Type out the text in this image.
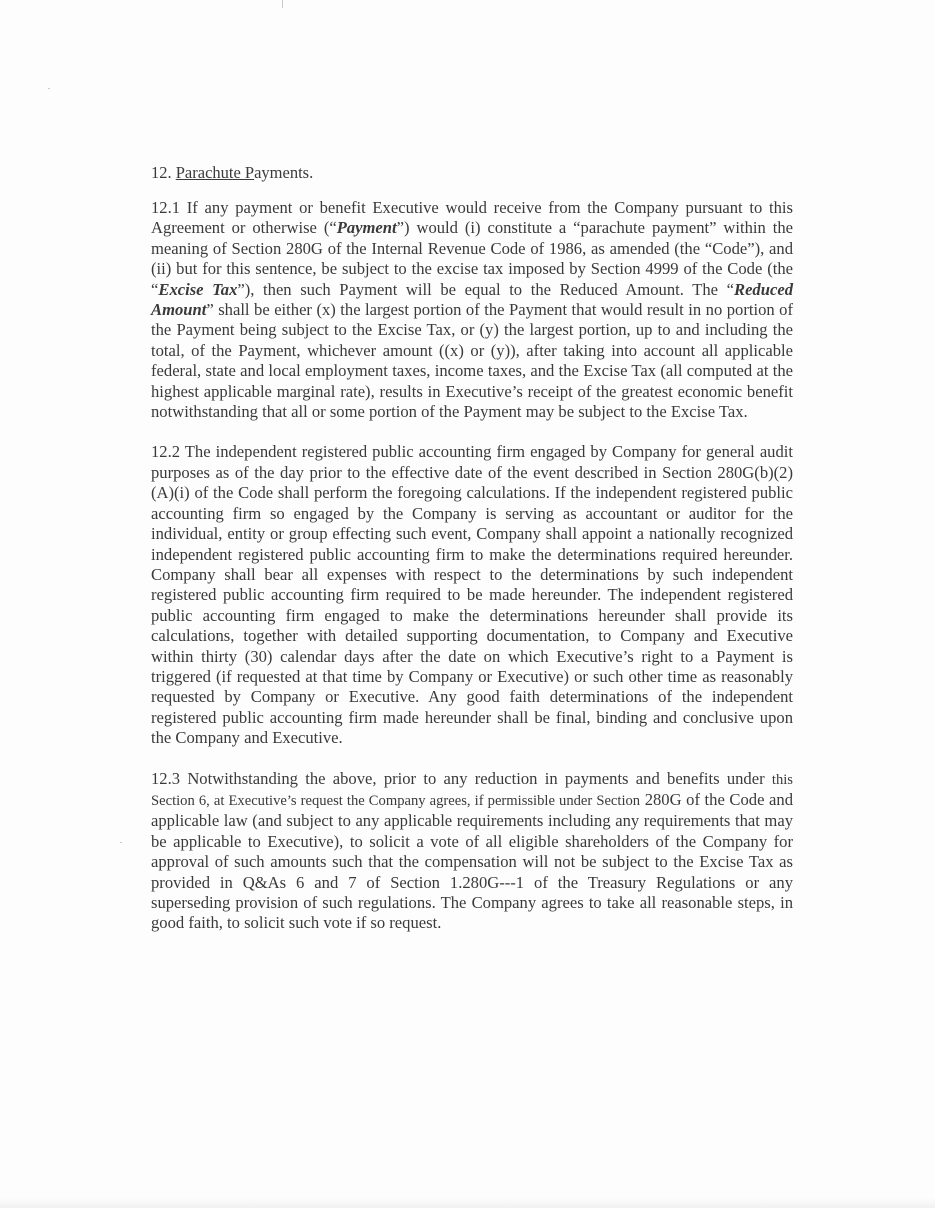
12. Parachute Payments.

12.1 If any payment or benefit Executive would receive from the Company pursuant to this Agreement or otherwise (“Payment”) would (i) constitute a “parachute payment” within the meaning of Section 280G of the Internal Revenue Code of 1986, as amended (the “Code”), and (ii) but for this sentence, be subject to the excise tax imposed by Section 4999 of the Code (the “Excise Tax”), then such Payment will be equal to the Reduced Amount. The “Reduced Amount” shall be either (x) the largest portion of the Payment that would result in no portion of the Payment being subject to the Excise Tax, or (y) the largest portion, up to and including the total, of the Payment, whichever amount ((x) or (y)), after taking into account all applicable federal, state and local employment taxes, income taxes, and the Excise Tax (all computed at the highest applicable marginal rate), results in Executive’s receipt of the greatest economic benefit notwithstanding that all or some portion of the Payment may be subject to the Excise Tax.

12.2 The independent registered public accounting firm engaged by Company for general audit purposes as of the day prior to the effective date of the event described in Section 280G(b)(2)(A)(i) of the Code shall perform the foregoing calculations. If the independent registered public accounting firm so engaged by the Company is serving as accountant or auditor for the individual, entity or group effecting such event, Company shall appoint a nationally recognized independent registered public accounting firm to make the determinations required hereunder. Company shall bear all expenses with respect to the determinations by such independent registered public accounting firm required to be made hereunder. The independent registered public accounting firm engaged to make the determinations hereunder shall provide its calculations, together with detailed supporting documentation, to Company and Executive within thirty (30) calendar days after the date on which Executive’s right to a Payment is triggered (if requested at that time by Company or Executive) or such other time as reasonably requested by Company or Executive. Any good faith determinations of the independent registered public accounting firm made hereunder shall be final, binding and conclusive upon the Company and Executive.

12.3 Notwithstanding the above, prior to any reduction in payments and benefits under this Section 6, at Executive’s request the Company agrees, if permissible under Section 280G of the Code and applicable law (and subject to any applicable requirements including any requirements that may be applicable to Executive), to solicit a vote of all eligible shareholders of the Company for approval of such amounts such that the compensation will not be subject to the Excise Tax as provided in Q&As 6 and 7 of Section 1.280G---1 of the Treasury Regulations or any superseding provision of such regulations. The Company agrees to take all reasonable steps, in good faith, to solicit such vote if so request.
